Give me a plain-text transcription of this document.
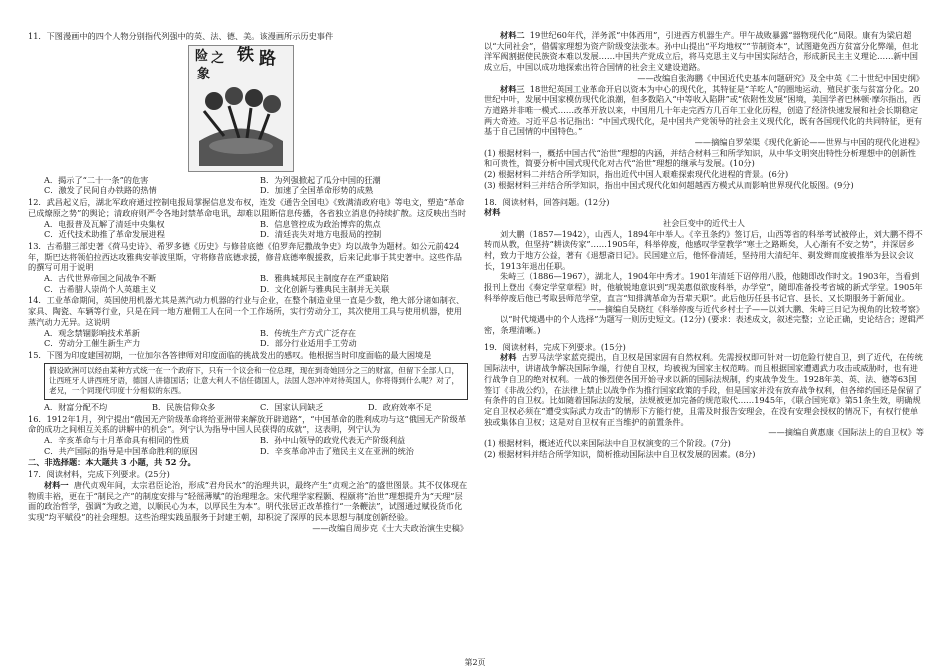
11．下图漫画中的四个人物分别指代列强中的英、法、德、美。该漫画所示历史事件

险 之
象
铁 路
A．揭示了“二十一条”的危害	B．为列强掀起了瓜分中国的狂潮
C．激发了民间自办铁路的热情	D．加速了全国革命形势的成熟

12．武昌起义后，湖北军政府通过控制电报局掌握信息发布权，连发《通告全国电》《致满清政府电》等电文，塑造“革命已成燎原之势”的舆论；清政府则严令各地封禁革命电讯，却难以阻断信息传播，各省独立消息仍持续扩散。这反映出当时

A．电报普及瓦解了清廷中央集权	B．信息管控成为政治博弈的焦点
C．近代技术助推了革命发展进程	D．清廷丧失对地方电报局的控制

13．古希腊三部史著《荷马史诗》、希罗多德《历史》与修昔底德《伯罗奔尼撒战争史》均以战争为题材。如公元前424年，斯巴达将领伯拉西达攻雅典安菲波里斯，守将修昔底德求援，修昔底德率舰援救，后来记此事于其史著中。这些作品的撰写可用于说明

A．古代世界帝国之间战争不断	B．雅典城邦民主制度存在严重缺陷
C．古希腊人崇尚个人英雄主义	D．文化创新与雅典民主制并无关联

14．工业革命期间，英国使用机器尤其是蒸汽动力机器的行业与企业，在整个制造业里一直是少数，绝大部分诸如制衣、家具、陶瓷、车辆等行业，只是在同一地方雇佣工人在同一个工作场所，实行劳动分工，其次使用工具与使用机器，使用蒸汽动力无异。这说明

A．观念禁锢影响技术革新	B．传统生产方式广泛存在
C．劳动分工催生新生产力	D．部分行业适用手工劳动

15．下图为印度建国初期，一位加尔各答律师对印度面临的挑战发出的感叹。他根据当时印度面临的最大困境是

假设欧洲可以经由某种方式统一在一个政府下，只有一个议会和一位总理，现在到奇她回分之三的财富，但留下全部人口，让西班牙人讲西班牙语，德国人讲德国话；让意大利人不信任德国人，法国人怨冲冲对待英国人，你将得到什么呢？对了，老兄，一个同现代印度十分相似的东西。
A．财富分配不均	B．民族信仰众多	C．国家认同缺乏	D．政府效率不足

16．1912年1月，列宁提出“俄国无产阶级革命将给亚洲带来解放开辟道路”，“中国革命的胜利成功与这“俄国无产阶级革命的成功之间相互关系的讲解中的机会”。列宁认为指导中国人民获得的成就”，这表明，列宁认为

A．辛亥革命与十月革命具有相同的性质	B．孙中山领导的政党代表无产阶级利益
C．共产国际的指导是中国革命胜利的原因	D．辛亥革命冲击了殖民主义在亚洲的统治

二、非选择题：本大题共 3 小题，共 52 分。

17．阅读材料，完成下列要求。(25分)

材料一 唐代贞观年间，太宗君臣论治，形成“君舟民水”的治理共识，最终产生“贞观之治”的盛世图景。其不仅体现在物质丰裕，更在于“制民之产”的制度安排与“轻徭薄赋”的治理理念。宋代理学家程颢、程颐将“治世”理想提升为“天理”层面的政治哲学，强调“为政之道，以顺民心为本，以厚民生为本”。明代张居正改革推行“一条鞭法”，试图通过赋役货币化实现“均平赋役”的社会理想。这些治理实践虽服务于封建王朝，却积淀了深厚的民本思想与制度创新经验。

——改编自周步克《士大夫政治演生史稿》

材料二 19世纪60年代，洋务派“中体西用”，引进西方机器生产。甲午战败暴露“器物现代化”局限。康有为梁启超以“大同社会”，借儒家理想为资产阶级变法张本。孙中山提出“平均地权”“节制资本”，试图避免西方贫富分化弊端，但北洋军阀割据使民族资本难以发展……中国共产党成立后，将马克思主义与中国实际结合，形成新民主主义理论……新中国成立后，中国以成功地探索出符合国情的社会主义建设道路。

——改编自张海鹏《中国近代史基本问题研究》及全中英《二十世纪中国史纲》

材料三 18世纪英国工业革命开启以资本为中心的现代化，其特征是“羊吃人”的圈地运动、殖民扩张与贫富分化。20世纪中叶，发展中国家模仿现代化浪潮，但多数陷入“中等收入陷阱”或“依附性发展”困境，美国学者巴林顿·摩尔指出，西方道路并非唯一模式……改革开放以来，中国用几十年走完西方几百年工业化历程，创造了经济快速发展和社会长期稳定两大奇迹。习近平总书记指出：“中国式现代化，是中国共产党领导的社会主义现代化，既有各国现代化的共同特征，更有基于自己国情的中国特色。”

——摘编自罗荣渠《现代化新论——世界与中国的现代化进程》

(1) 根据材料一，概括中国古代“治世”理想的内涵，并结合材料三和所学知识，从中华文明突出特性分析理想中的创新性和可贵性，简要分析中国式现代化对古代“治世”理想的继承与发展。(10分)

(2) 根据材料二并结合所学知识，指出近代中国人艰难探索现代化进程的背景。(6分)

(3) 根据材料三并结合所学知识，指出中国式现代化如何超越西方模式从而影响世界现代化版图。(9分)

18．阅读材料，回答问题。(12分)

材料

社会巨变中的近代士人

刘大鹏（1857—1942），山西人，1894年中举人。《辛丑条约》签订后，山西等省的科举考试被停止，刘大鹏不得不转而从教，但坚持“耕读传家”……1905年，科举停废，他感叹学堂教学“寒士之路断矣，人心渐有不安之势”，并深居乡村，致力于地方公益，著有《退想斋日记》。民国建立后，他怀眷清廷，坚持用大清纪年、剃发辫而度被推举为县议会议长，1913年退出任职。

朱峙三（1886—1967），湖北人，1904年中秀才。1901年清廷下诏停用八股，他随即改作时文。1903年，当看到报刊上登出《奏定学堂章程》时，他敏锐地意识到“现美惠似欲废科举，办学堂”，随即准备投考省城的新式学堂。1905年科举停废后他已考取县师范学堂，直言“知排满革命为吾辈天职”。此后他历任县书记官、县长、又长期服务于新闻业。

——摘编自吴晓红《科举停废与近代乡村士子——以刘大鹏、朱峙三日记为视角的比较考察》

以“时代境遇中的个人选择”为题写一则历史短文。(12分) (要求：表述成文，叙述完整；立论正确，史论结合；逻辑严密，条理清晰。)

19．阅读材料，完成下列要求。(15分)

材料 古罗马法学家蓝克提出，自卫权是国家固有自然权利。先需授权即可针对一切危险行使自卫，到了近代，在传统国际法中，讲诸战争解决国际争端，行使自卫权，均被视为国家主权范畴。而且根据国家遭遇武力攻击或威胁时，也有进行战争自卫的绝对权利。一战的惨烈使各国开始寻求以新的国际法规制，约束战争发生。1928年美、英、法、德等63国签订《非战公约》，在法律上禁止以战争作为推行国家政策的手段，但是国家并没有放弃战争权利，但各缔约国还是保留了有条件的自卫权。比如随着国际法的发展，法规被更加完备的规范取代……1945年，《联合国宪章》第51条生效，明确规定自卫权必须在“遭受实际武力攻击”的情形下方能行使，且需及时报告安理会，在没有安理会授权的情况下，有权行使单独或集体自卫权；这是对自卫权有正当维护的前置条件。

——摘编自黄惠康《国际法上的自卫权》等

(1) 根据材料，概述近代以来国际法中自卫权演变的三个阶段。(7分)

(2) 根据材料并结合所学知识，简析推动国际法中自卫权发展的因素。(8分)

第2页
